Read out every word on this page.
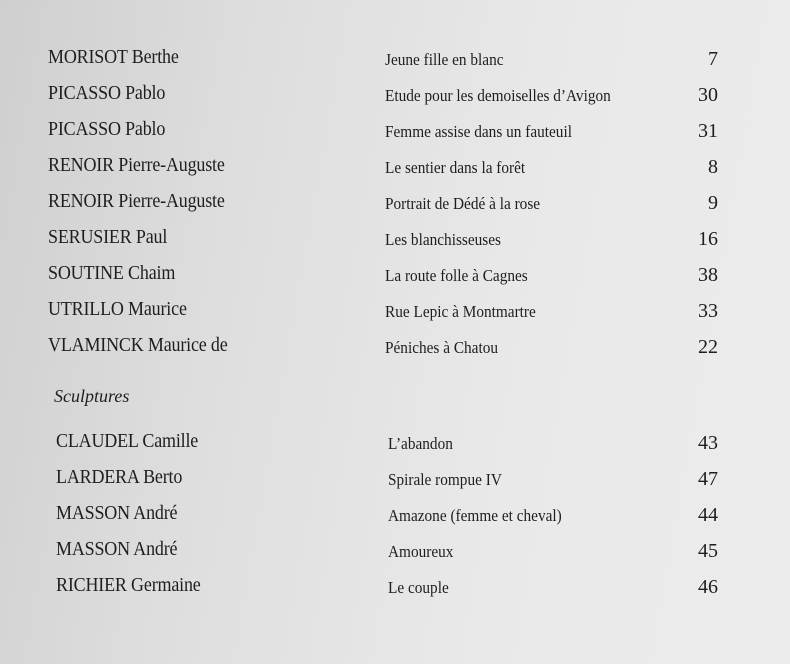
MORISOT Berthe	Jeune fille en blanc	7
PICASSO Pablo	Etude pour les demoiselles d’Avigon	30
PICASSO Pablo	Femme assise dans un fauteuil	31
RENOIR Pierre-Auguste	Le sentier dans la forêt	8
RENOIR Pierre-Auguste	Portrait de Dédé à la rose	9
SERUSIER Paul	Les blanchisseuses	16
SOUTINE Chaim	La route folle à Cagnes	38
UTRILLO Maurice	Rue Lepic à Montmartre	33
VLAMINCK Maurice de	Péniches à Chatou	22
Sculptures
CLAUDEL Camille	L’abandon	43
LARDERA Berto	Spirale rompue IV	47
MASSON André	Amazone (femme et cheval)	44
MASSON André	Amoureux	45
RICHIER Germaine	Le couple	46
